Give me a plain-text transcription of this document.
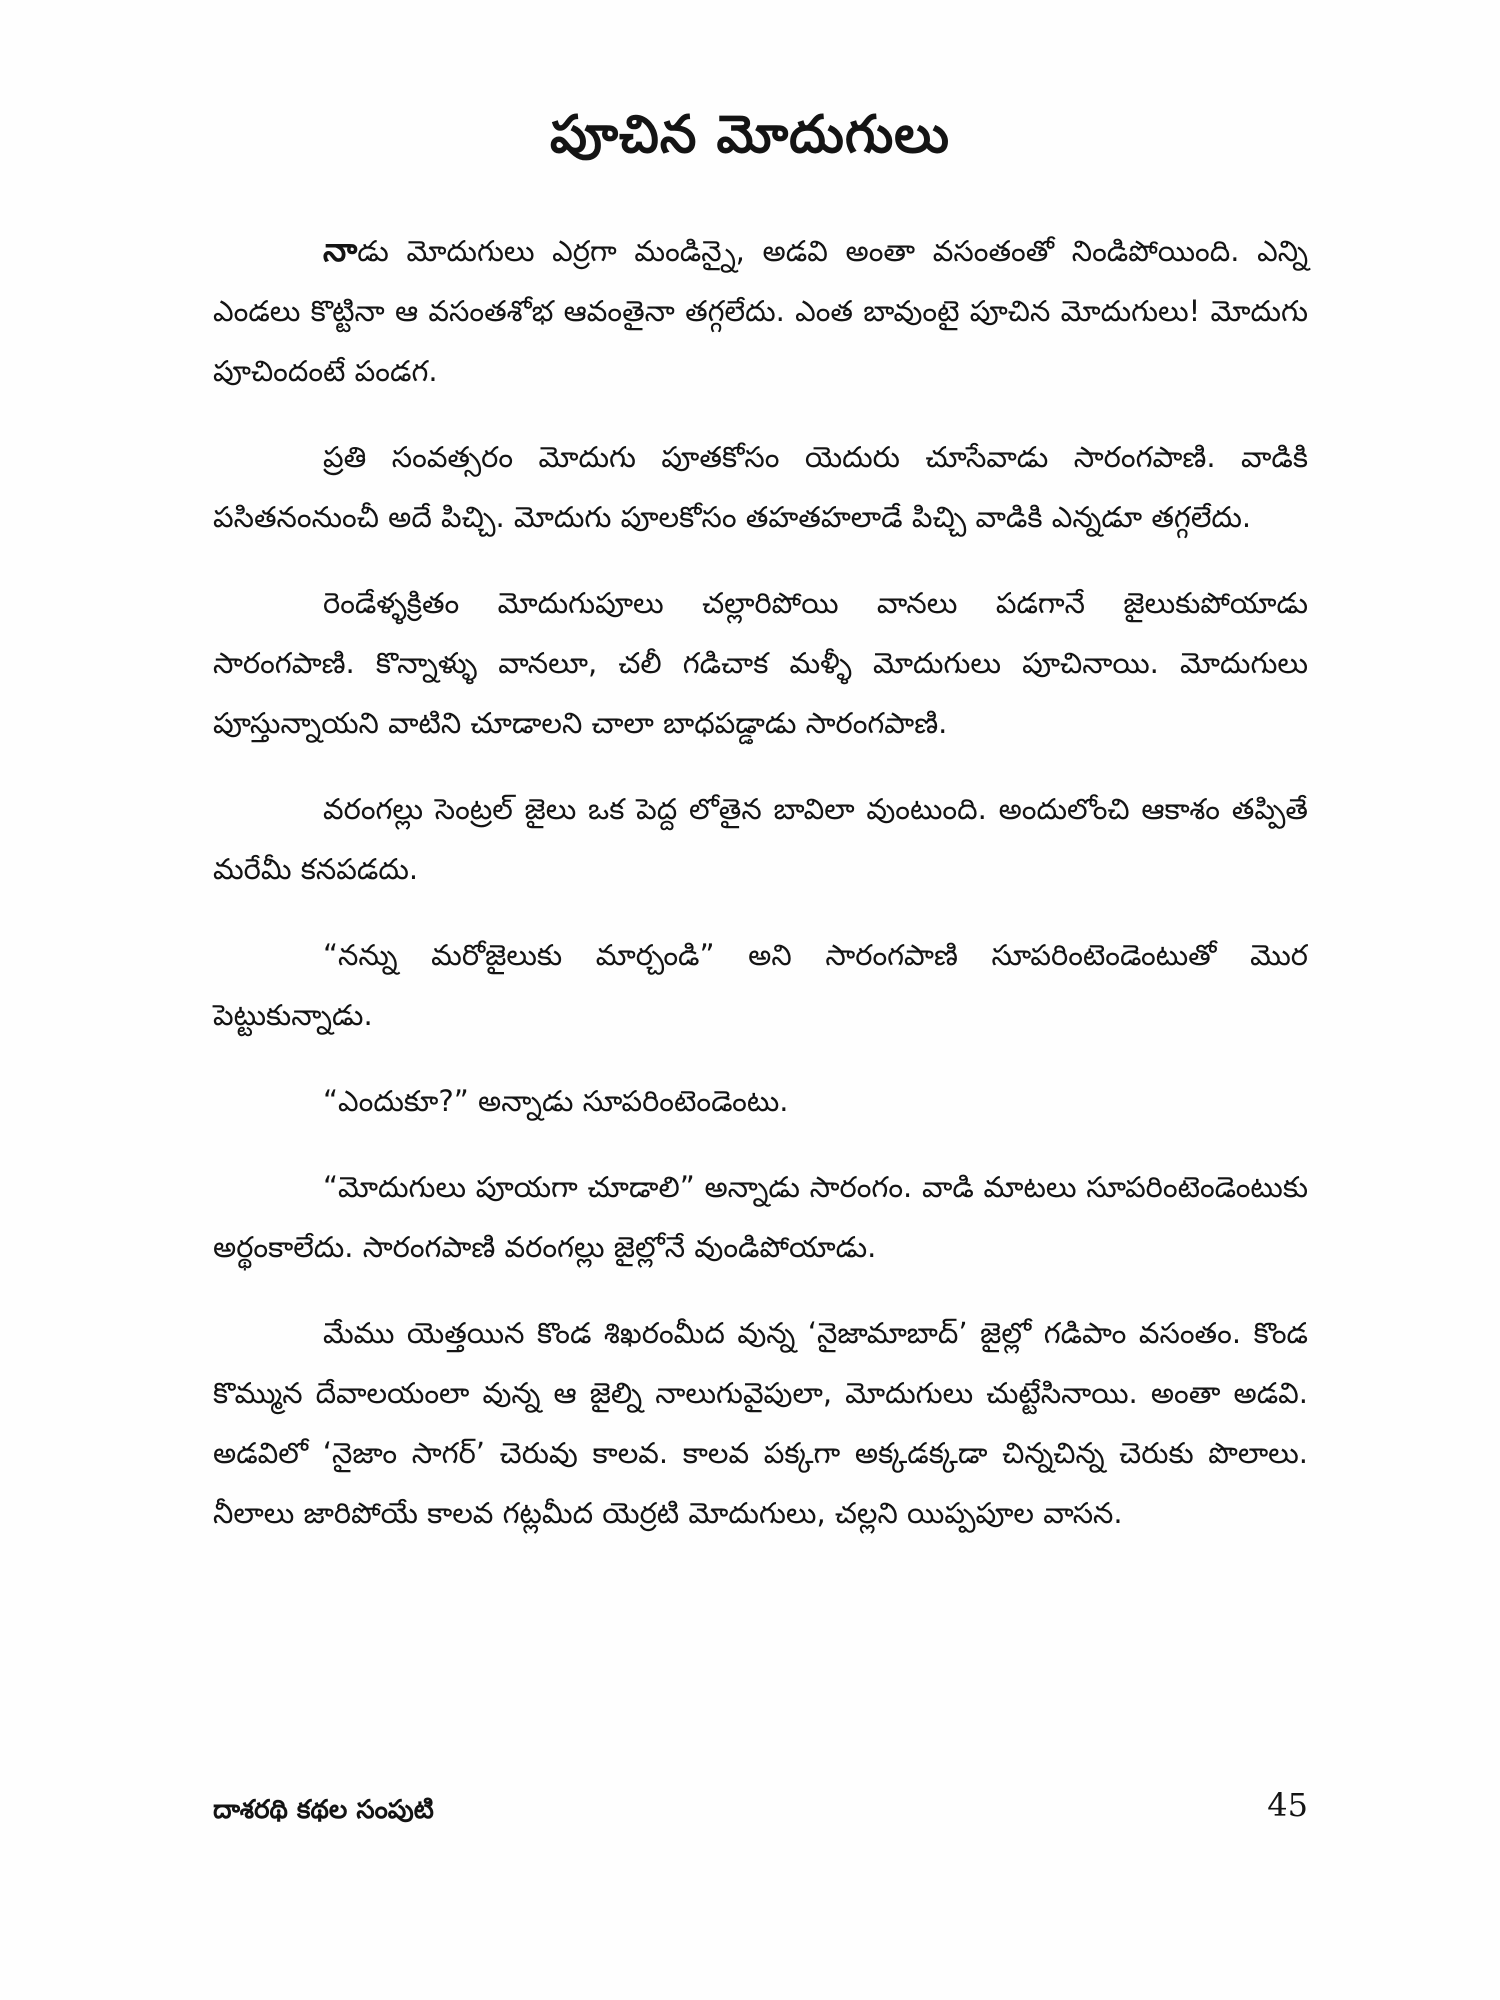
పూచిన మోదుగులు

నాడు మోదుగులు ఎర్రగా మండిన్నై, అడవి అంతా వసంతంతో నిండిపోయింది. ఎన్ని ఎండలు కొట్టినా ఆ వసంతశోభ ఆవంతైనా తగ్గలేదు. ఎంత బావుంటై పూచిన మోదుగులు! మోదుగు పూచిందంటే పండగ.

ప్రతి సంవత్సరం మోదుగు పూతకోసం యెదురు చూసేవాడు సారంగపాణి. వాడికి పసితనంనుంచీ అదే పిచ్చి. మోదుగు పూలకోసం తహతహలాడే పిచ్చి వాడికి ఎన్నడూ తగ్గలేదు.

రెండేళ్ళక్రితం మోదుగుపూలు చల్లారిపోయి వానలు పడగానే జైలుకుపోయాడు సారంగపాణి. కొన్నాళ్ళు వానలూ, చలీ గడిచాక మళ్ళీ మోదుగులు పూచినాయి. మోదుగులు పూస్తున్నాయని వాటిని చూడాలని చాలా బాధపడ్డాడు సారంగపాణి.

వరంగల్లు సెంట్రల్ జైలు ఒక పెద్ద లోతైన బావిలా వుంటుంది. అందులోంచి ఆకాశం తప్పితే మరేమీ కనపడదు.

“నన్ను మరోజైలుకు మార్చండి” అని సారంగపాణి సూపరింటెండెంటుతో మొర పెట్టుకున్నాడు.

“ఎందుకూ?” అన్నాడు సూపరింటెండెంటు.

“మోదుగులు పూయగా చూడాలి” అన్నాడు సారంగం. వాడి మాటలు సూపరింటెండెంటుకు అర్థంకాలేదు. సారంగపాణి వరంగల్లు జైల్లోనే వుండిపోయాడు.

మేము యెత్తయిన కొండ శిఖరంమీద వున్న ‘నైజామాబాద్’ జైల్లో గడిపాం వసంతం. కొండ కొమ్మున దేవాలయంలా వున్న ఆ జైల్ని నాలుగువైపులా, మోదుగులు చుట్టేసినాయి. అంతా అడవి. అడవిలో ‘నైజాం సాగర్’ చెరువు కాలవ. కాలవ పక్కగా అక్కడక్కడా చిన్నచిన్న చెరుకు పొలాలు. నీలాలు జారిపోయే కాలవ గట్లమీద యెర్రటి మోదుగులు, చల్లని యిప్పపూల వాసన.

దాశరథి కథల సంపుటి	45
